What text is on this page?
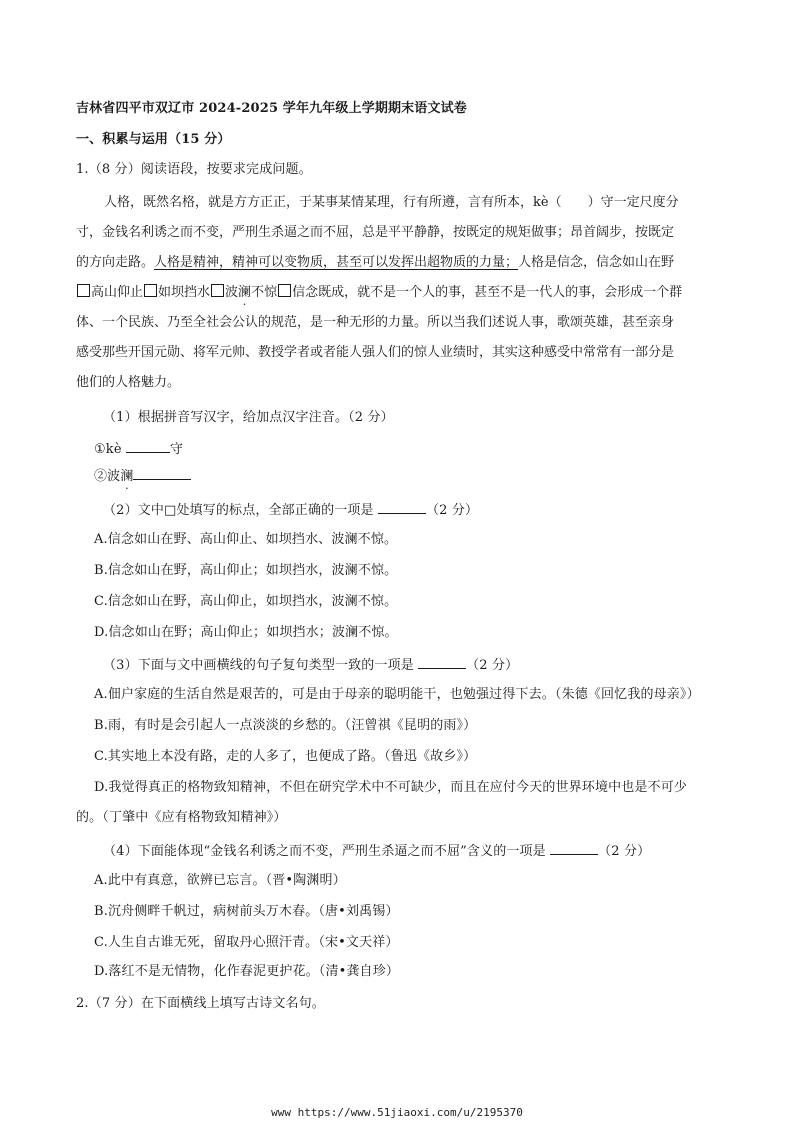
吉林省四平市双辽市 2024-2025 学年九年级上学期期末语文试卷
一、积累与运用（15 分）
1.（8 分）阅读语段，按要求完成问题。
人格，既然名格，就是方方正正，于某事某情某理，行有所遵，言有所本，kè（　　）守一定尺度分
寸，金钱名利诱之而不变，严刑生杀逼之而不屈，总是平平静静，按既定的规矩做事；昂首阔步，按既定
的方向走路。人格是精神，精神可以变物质，甚至可以发挥出超物质的力量；人格是信念，信念如山在野
高山仰止 如坝挡水 波澜不惊 信念既成，就不是一个人的事，甚至不是一代人的事，会形成一个群
体、一个民族、乃至全社会公认的规范，是一种无形的力量。所以当我们述说人事，歌颂英雄，甚至亲身
感受那些开国元勋、将军元帅、教授学者或者能人强人们的惊人业绩时，其实这种感受中常常有一部分是
他们的人格魅力。
（1）根据拼音写汉字，给加点汉字注音。（2 分）
①kè	守
②波澜
（2）文中□处填写的标点，全部正确的一项是	（2 分）
A.信念如山在野、高山仰止、如坝挡水、波澜不惊。
B.信念如山在野，高山仰止；如坝挡水，波澜不惊。
C.信念如山在野，高山仰止，如坝挡水，波澜不惊。
D.信念如山在野；高山仰止；如坝挡水；波澜不惊。
（3）下面与文中画横线的句子复句类型一致的一项是	（2 分）
A.佃户家庭的生活自然是艰苦的，可是由于母亲的聪明能干，也勉强过得下去。（朱德《回忆我的母亲》）
B.雨，有时是会引起人一点淡淡的乡愁的。（汪曾祺《昆明的雨》）
C.其实地上本没有路，走的人多了，也便成了路。（鲁迅《故乡》）
D.我觉得真正的格物致知精神，不但在研究学术中不可缺少，而且在应付今天的世界环境中也是不可少
的。（丁肇中《应有格物致知精神》）
（4）下面能体现“金钱名利诱之而不变，严刑生杀逼之而不屈”含义的一项是	（2 分）
A.此中有真意，欲辨已忘言。（晋•陶渊明）
B.沉舟侧畔千帆过，病树前头万木春。（唐•刘禹锡）
C.人生自古谁无死，留取丹心照汗青。（宋•文天祥）
D.落红不是无情物，化作春泥更护花。（清•龚自珍）
2.（7 分）在下面横线上填写古诗文名句。
www https://www.51jiaoxi.com/u/2195370
